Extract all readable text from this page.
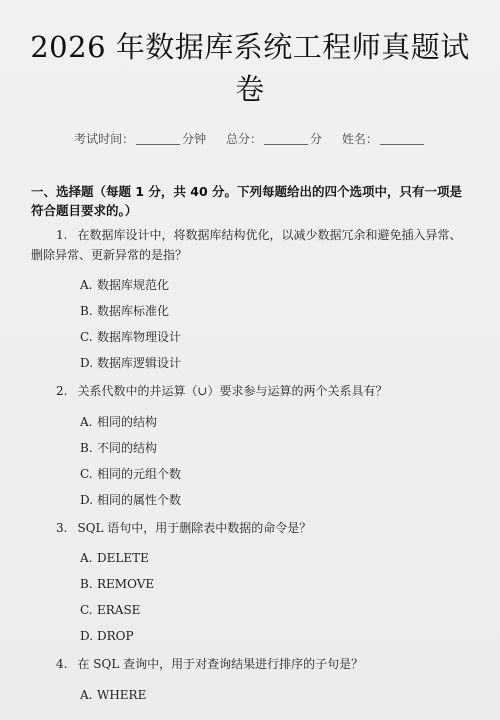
2026 年数据库系统工程师真题试
卷
考试时间：	分钟 总分：	分 姓名：
一、选择题（每题 1 分，共 40 分。下列每题给出的四个选项中，只有一项是符合题目要求的。）
1. 在数据库设计中，将数据库结构优化，以减少数据冗余和避免插入异常、删除异常、更新异常的是指？
A. 数据库规范化
B. 数据库标准化
C. 数据库物理设计
D. 数据库逻辑设计
2. 关系代数中的并运算（∪）要求参与运算的两个关系具有？
A. 相同的结构
B. 不同的结构
C. 相同的元组个数
D. 相同的属性个数
3. SQL 语句中，用于删除表中数据的命令是？
A. DELETE
B. REMOVE
C. ERASE
D. DROP
4. 在 SQL 查询中，用于对查询结果进行排序的子句是？
A. WHERE
